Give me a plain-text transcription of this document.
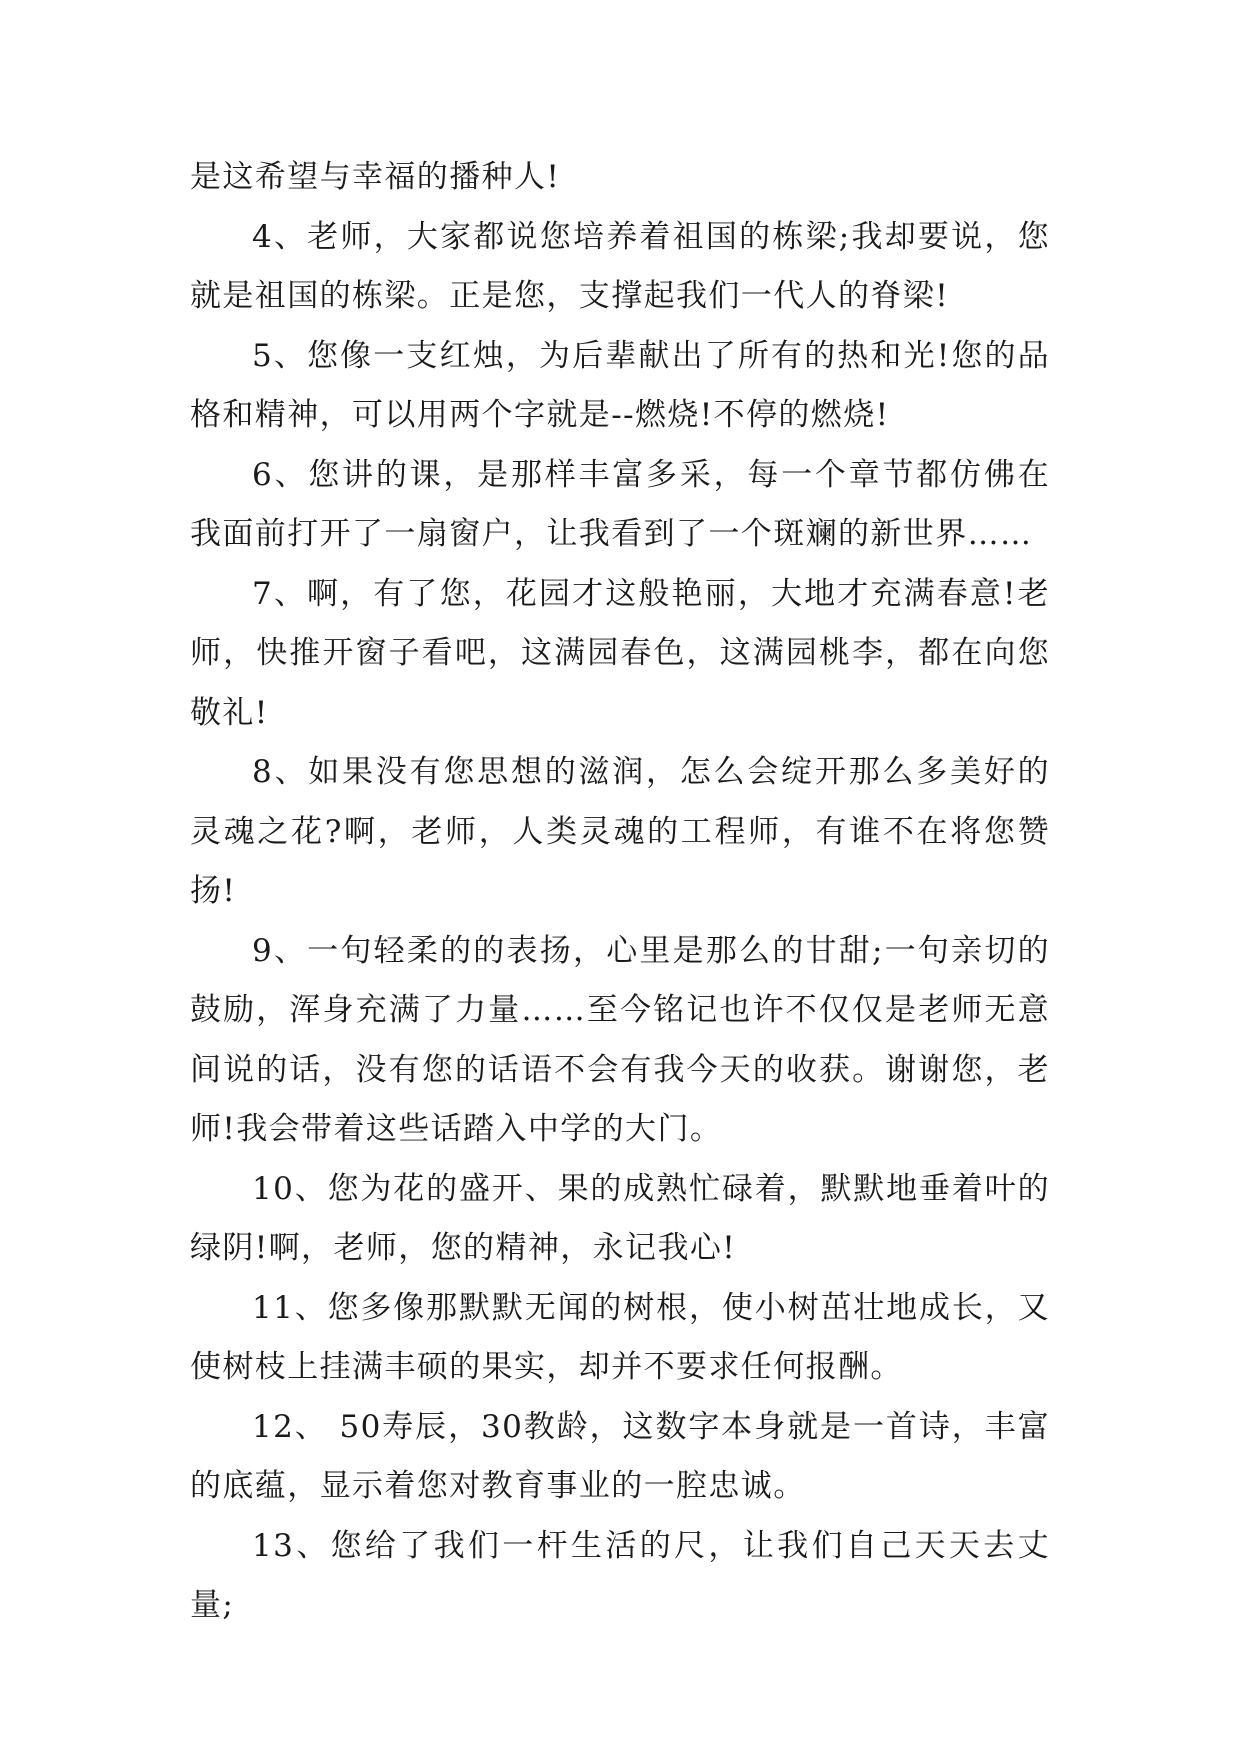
是这希望与幸福的播种人!

4、老师，大家都说您培养着祖国的栋梁;我却要说，您就是祖国的栋梁。正是您，支撑起我们一代人的脊梁!

5、您像一支红烛，为后辈献出了所有的热和光!您的品格和精神，可以用两个字就是--燃烧!不停的燃烧!

6、您讲的课，是那样丰富多采，每一个章节都仿佛在我面前打开了一扇窗户，让我看到了一个斑斓的新世界……

7、啊，有了您，花园才这般艳丽，大地才充满春意!老师，快推开窗子看吧，这满园春色，这满园桃李，都在向您敬礼!

8、如果没有您思想的滋润，怎么会绽开那么多美好的灵魂之花?啊，老师，人类灵魂的工程师，有谁不在将您赞扬!

9、一句轻柔的的表扬，心里是那么的甘甜;一句亲切的鼓励，浑身充满了力量……至今铭记也许不仅仅是老师无意间说的话，没有您的话语不会有我今天的收获。谢谢您，老师!我会带着这些话踏入中学的大门。

10、您为花的盛开、果的成熟忙碌着，默默地垂着叶的绿阴!啊，老师，您的精神，永记我心!

11、您多像那默默无闻的树根，使小树茁壮地成长，又使树枝上挂满丰硕的果实，却并不要求任何报酬。

12、 50寿辰，30教龄，这数字本身就是一首诗，丰富的底蕴，显示着您对教育事业的一腔忠诚。

13、您给了我们一杆生活的尺，让我们自己天天去丈量;
